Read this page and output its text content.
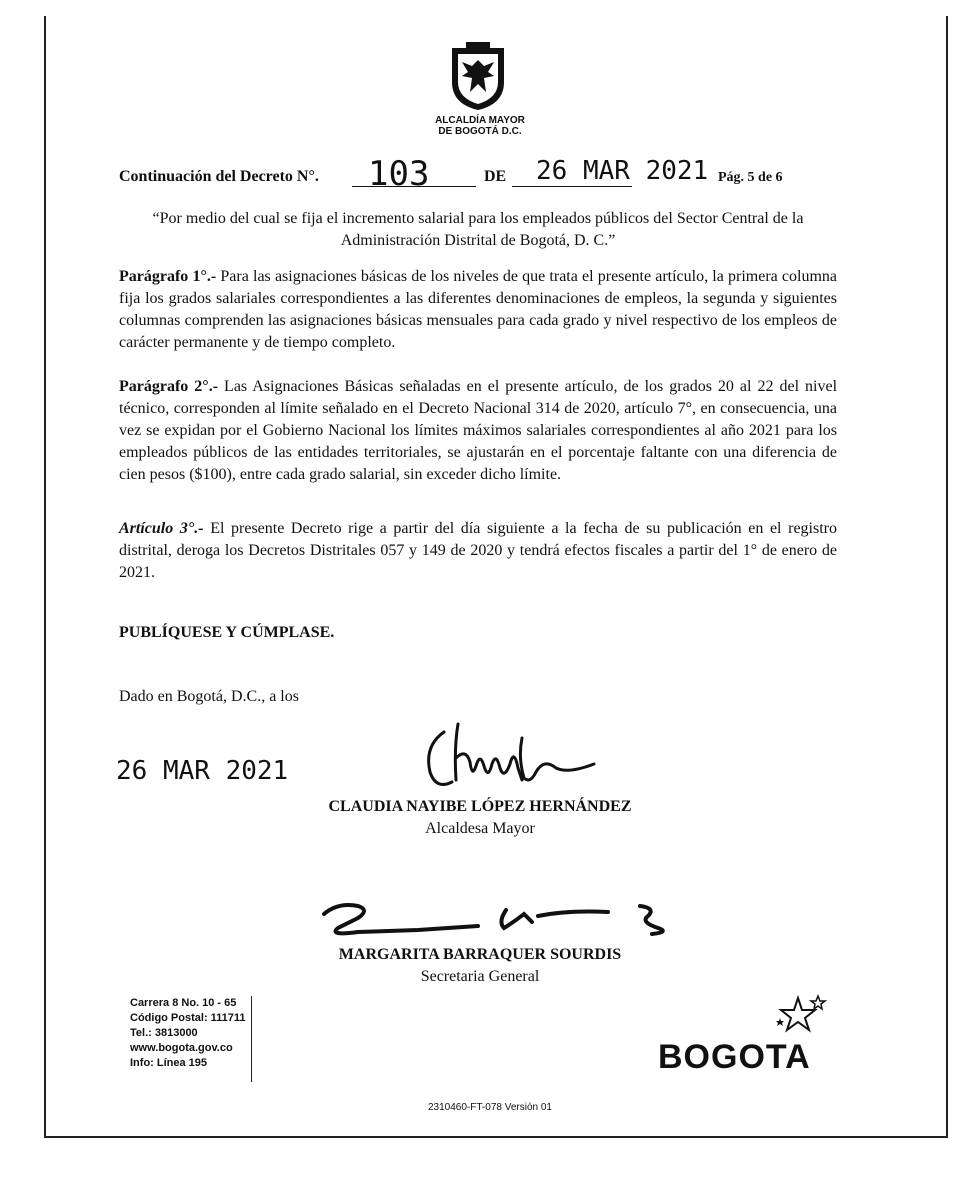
ALCALDÍA MAYOR
DE BOGOTÁ D.C.
Continuación del Decreto N°. 103	DE 26 MAR 2021 Pág. 5 de 6
“Por medio del cual se fija el incremento salarial para los empleados públicos del Sector Central de la Administración Distrital de Bogotá, D. C.”
Parágrafo 1°.- Para las asignaciones básicas de los niveles de que trata el presente artículo, la primera columna fija los grados salariales correspondientes a las diferentes denominaciones de empleos, la segunda y siguientes columnas comprenden las asignaciones básicas mensuales para cada grado y nivel respectivo de los empleos de carácter permanente y de tiempo completo.
Parágrafo 2°.- Las Asignaciones Básicas señaladas en el presente artículo, de los grados 20 al 22 del nivel técnico, corresponden al límite señalado en el Decreto Nacional 314 de 2020, artículo 7°, en consecuencia, una vez se expidan por el Gobierno Nacional los límites máximos salariales correspondientes al año 2021 para los empleados públicos de las entidades territoriales, se ajustarán en el porcentaje faltante con una diferencia de cien pesos ($100), entre cada grado salarial, sin exceder dicho límite.
Artículo 3°.- El presente Decreto rige a partir del día siguiente a la fecha de su publicación en el registro distrital, deroga los Decretos Distritales 057 y 149 de 2020 y tendrá efectos fiscales a partir del 1° de enero de 2021.
PUBLÍQUESE Y CÚMPLASE.
Dado en Bogotá, D.C., a los
26 MAR 2021
CLAUDIA NAYIBE LÓPEZ HERNÁNDEZ
Alcaldesa Mayor
MARGARITA BARRAQUER SOURDIS
Secretaria General
Carrera 8 No. 10 - 65
Código Postal: 111711
Tel.: 3813000
www.bogota.gov.co
Info: Línea 195	BOGOTA
2310460-FT-078 Versión 01
